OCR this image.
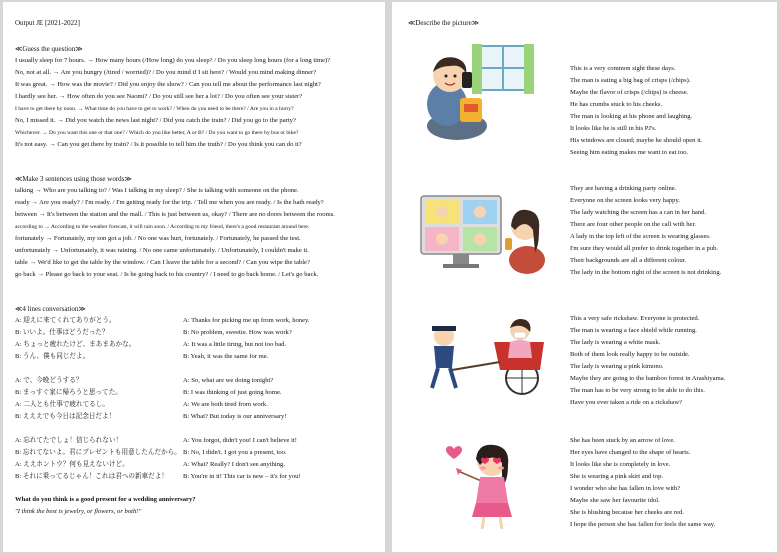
Output JE [2021-2022]
≪Guess the question≫
I usually sleep for 7 hours. → How many hours (/How long) do you sleep? / Do you sleep long hours (for a long time)?
No, not at all. → Are you hungry (/tired / worried)? / Do you mind if I sit here? / Would you mind making dinner?
It was great. → How was the movie? / Did you enjoy the show? / Can you tell me about the performance last night?
I hardly see her. → How often do you see Naomi? / Do you still see her a lot? / Do you often see your sister?
I have to get there by noon. → What time do you have to get to work? / When do you need to be there? / Are you in a hurry?
No, I missed it. → Did you watch the news last night? / Did you catch the train? / Did you go to the party?
Whichever. → Do you want this one or that one? / Which do you like better, A or B? / Do you want to go there by bus or bike?
It's not easy. → Can you get there by train? / Is it possible to tell him the truth? / Do you think you can do it?
≪Make 3 sentences using those words≫
talking → Who are you talking to? / Was I talking in my sleep? / She is talking with someone on the phone.
ready → Are you ready? / I'm ready. / I'm getting ready for the trip. / Tell me when you are ready. / Is the bath ready?
between → It's between the station and the mall. / This is just between us, okay? / There are no doors between the rooms.
according to → According to the weather forecast, it will rain soon. / According to my friend, there's a good restaurant around here.
fortunately → Fortunately, my son got a job. / No one was hurt, fortunately. / Fortunately, he passed the test.
unfortunately → Unfortunately, it was raining. / No one came unfortunately. / Unfortunately, I couldn't make it.
table → We'd like to get the table by the window. / Can I leave the table for a second? / Can you wipe the table?
go back → Please go back to your seat. / Is he going back to his country? / I need to go back home. / Let's go back.
≪4 lines conversation≫
A: 迎えに来てくれてありがとう。
B: いいよ。仕事はどうだった？
A: ちょっと疲れたけど、まあまあかな。
B: うん、僕も同じだよ。
A: Thanks for picking me up from work, honey.
B: No problem, sweetie. How was work?
A: It was a little tiring, but not too bad.
B: Yeah, it was the same for me.
A: で、今晩どうする？
B: まっすぐ家に帰ろうと思ってた。
A: 二人とも仕事で疲れてるし。
B: えええでも今日は記念日だよ！
A: So, what are we doing tonight?
B: I was thinking of just going home.
A: We are both tired from work.
B: What? But today is our anniversary!
A: 忘れてたでしょ！信じられない！
B: 忘れてないよ。君にプレゼントも用意したんだから。
A: ええホントウ？何も見えないけど。
B: それに乗ってるじゃん！これは君への新車だよ！
A: You forgot, didn't you! I can't believe it!
B: No, I didn't. I got you a present, too.
A: What? Really? I don't see anything.
B: You're in it! This car is new – it's for you!
What do you think is a good present for a wedding anniversary?
"I think the best is jewelry, or flowers, or both!"
≪Describe the picture≫
This is a very common sight these days.
The man is eating a big bag of crisps (/chips).
Maybe the flavor of crisps (/chips) is cheese.
He has crumbs stuck to his cheeks.
The man is looking at his phone and laughing.
It looks like he is still in his PJ's.
His windows are closed; maybe he should open it.
Seeing him eating makes me want to eat too.
They are having a drinking party online.
Everyone on the screen looks very happy.
The lady watching the screen has a can in her hand.
There are four other people on the call with her.
A lady in the top left of the screen is wearing glasses.
I'm sure they would all prefer to drink together in a pub.
Their backgrounds are all a different colour.
The lady in the bottom right of the screen is not drinking.
This a very safe rickshaw. Everyone is protected.
The man is wearing a face shield while running.
The lady is wearing a white mask.
Both of them look really happy to be outside.
The lady is wearing a pink kimono.
Maybe they are going to the bamboo forest in Arashiyama.
The man has to be very strong to be able to do this.
Have you ever taken a ride on a rickshaw?
She has been stuck by an arrow of love.
Her eyes have changed to the shape of hearts.
It looks like she is completely in love.
She is wearing a pink skirt and top.
I wonder who she has fallen in love with?
Maybe she saw her favourite idol.
She is blushing because her cheeks are red.
I hope the person she has fallen for feels the same way.
